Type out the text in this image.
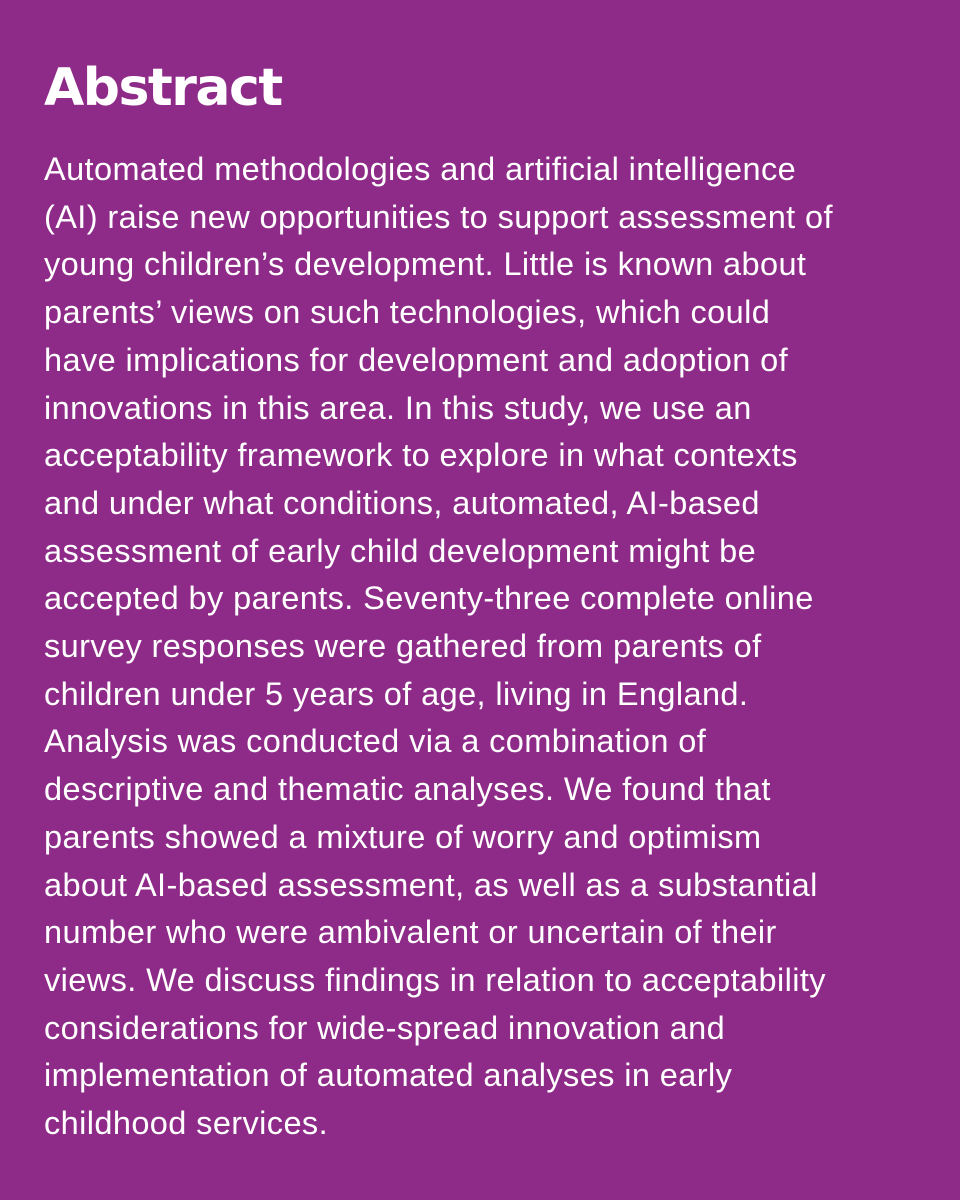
Abstract
Automated methodologies and artificial intelligence
(AI) raise new opportunities to support assessment of
young children’s development. Little is known about
parents’ views on such technologies, which could
have implications for development and adoption of
innovations in this area. In this study, we use an
acceptability framework to explore in what contexts
and under what conditions, automated, AI-based
assessment of early child development might be
accepted by parents. Seventy-three complete online
survey responses were gathered from parents of
children under 5 years of age, living in England.
Analysis was conducted via a combination of
descriptive and thematic analyses. We found that
parents showed a mixture of worry and optimism
about AI-based assessment, as well as a substantial
number who were ambivalent or uncertain of their
views. We discuss findings in relation to acceptability
considerations for wide-spread innovation and
implementation of automated analyses in early
childhood services.
